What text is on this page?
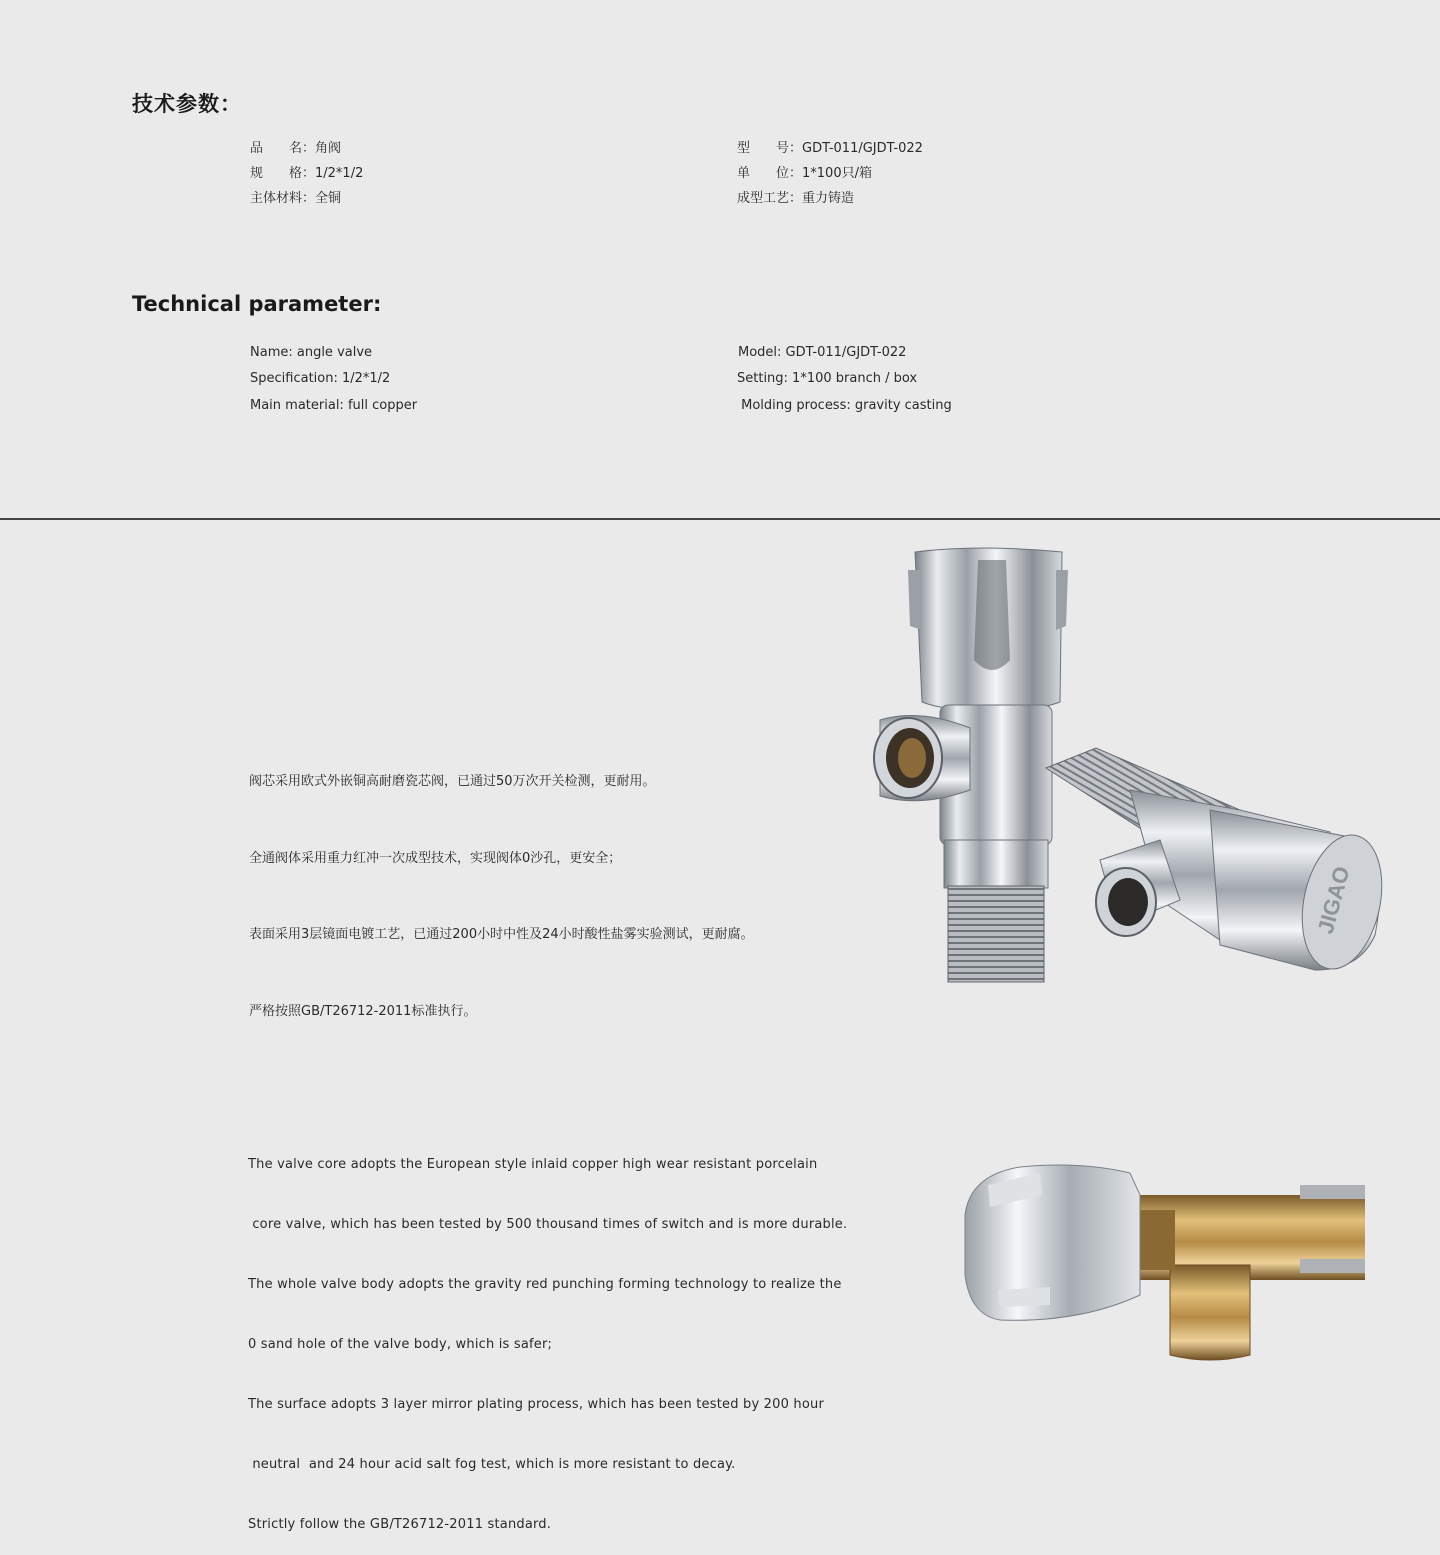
技术参数：
Technical parameter:
品　　名：角阀
规　　格：1/2*1/2
主体材料：全铜
型　　号：GDT-011/GJDT-022
单　　位：1*100只/箱
成型工艺：重力铸造
Name: angle valve
Specification: 1/2*1/2
Main material: full copper
Model: GDT-011/GJDT-022
Setting: 1*100 branch / box
Molding process: gravity casting

阀芯采用欧式外嵌铜高耐磨瓷芯阀，已通过50万次开关检测，更耐用。

全通阀体采用重力红冲一次成型技术，实现阀体0沙孔，更安全；

表面采用3层镜面电镀工艺，已通过200小时中性及24小时酸性盐雾实验测试，更耐腐。

严格按照GB/T26712-2011标准执行。

The valve core adopts the European style inlaid copper high wear resistant porcelain

core valve, which has been tested by 500 thousand times of switch and is more durable.

The whole valve body adopts the gravity red punching forming technology to realize the

0 sand hole of the valve body, which is safer;

The surface adopts 3 layer mirror plating process, which has been tested by 200 hour

neutral  and 24 hour acid salt fog test, which is more resistant to decay.

Strictly follow the GB/T26712-2011 standard.

JIGAO
